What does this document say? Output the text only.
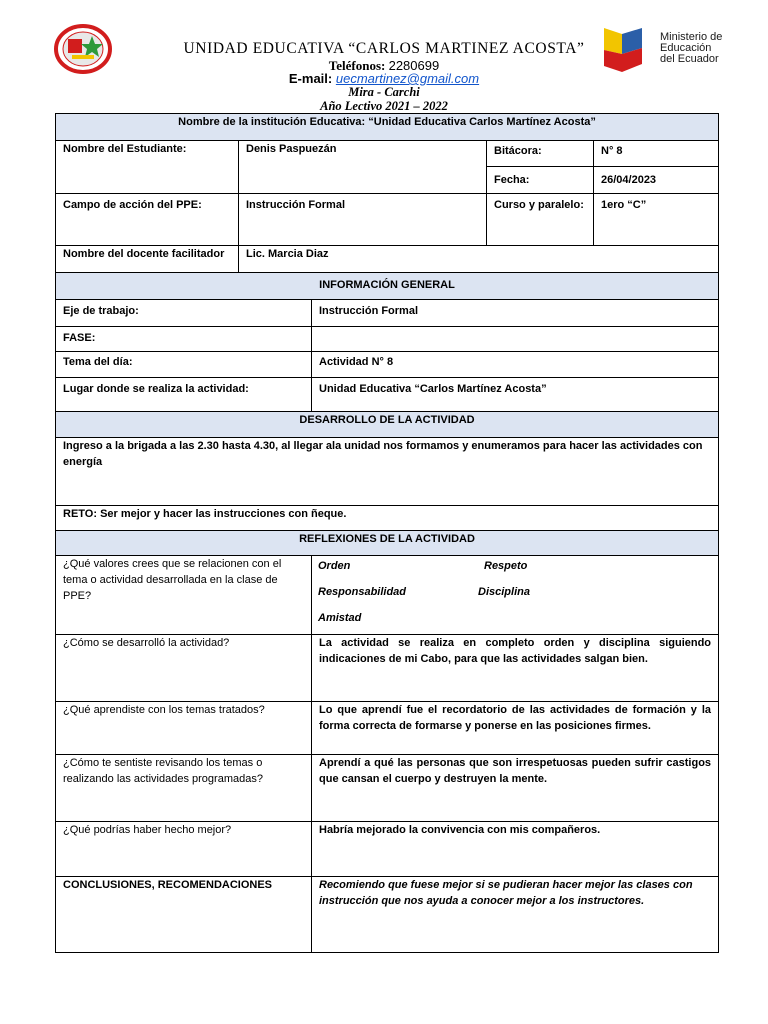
Ministerio de
Educación
del Ecuador
UNIDAD EDUCATIVA “CARLOS MARTINEZ ACOSTA”
Teléfonos: 2280699
E-mail: uecmartinez@gmail.com
Mira - Carchi
Año Lectivo 2021 – 2022
Nombre de la institución Educativa: “Unidad Educativa Carlos Martínez Acosta”				
Nombre del Estudiante:	Denis Paspuezán		Bitácora:	N° 8
			Fecha:	26/04/2023
Campo de acción del PPE:	Instrucción Formal		Curso y paralelo:	1ero “C”
Nombre del docente facilitador	Lic. Marcia Diaz			
INFORMACIÓN GENERAL				
Eje de trabajo:		Instrucción Formal		
FASE:				
Tema del día:		Actividad N° 8		
Lugar donde se realiza la actividad:		Unidad Educativa “Carlos Martínez Acosta”		
DESARROLLO DE LA ACTIVIDAD				
Ingreso a la brigada a las 2.30 hasta 4.30, al llegar ala unidad nos formamos y enumeramos para hacer las actividades con energía				
RETO: Ser mejor y hacer las instrucciones con ñeque.				
REFLEXIONES DE LA ACTIVIDAD				
¿Qué valores crees que se relacionen con el tema o actividad desarrollada en la clase de PPE?		Orden Respeto
Responsabilidad Disciplina
Amistad		

¿Cómo se desarrolló la actividad?		La actividad se realiza en completo orden y disciplina siguiendo indicaciones de mi Cabo, para que las actividades salgan bien.		
¿Qué aprendiste con los temas tratados?		Lo que aprendí fue el recordatorio de las actividades de formación y la forma correcta de formarse y ponerse en las posiciones firmes.		
¿Cómo te sentiste revisando los temas o realizando las actividades programadas?		Aprendí a qué las personas que son irrespetuosas pueden sufrir castigos que cansan el cuerpo y destruyen la mente.		
¿Qué podrías haber hecho mejor?		Habría mejorado la convivencia con mis compañeros.		
CONCLUSIONES, RECOMENDACIONES		Recomiendo que fuese mejor si se pudieran hacer mejor las clases con instrucción que nos ayuda a conocer mejor a los instructores.		
